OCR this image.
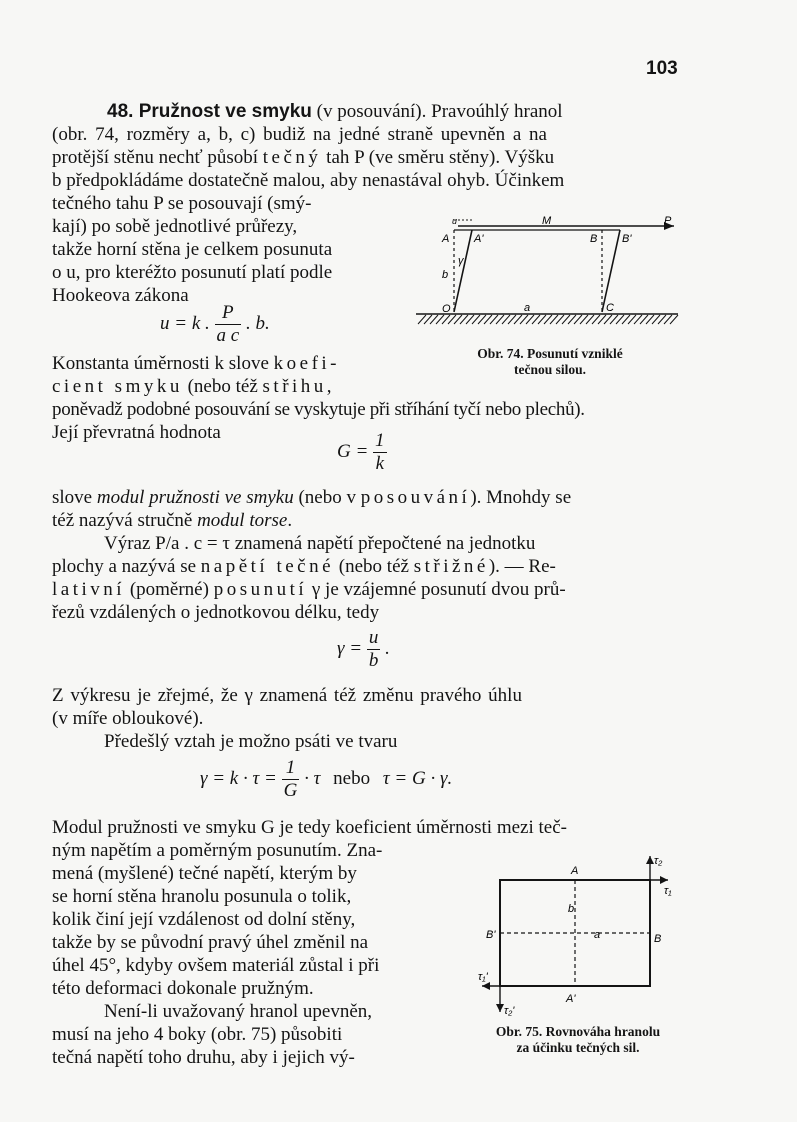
103
48. Pružnost ve smyku (v posouvání). Pravoúhlý hranol
(obr. 74, rozměry a, b, c) budiž na jedné straně upevněn a na
protější stěnu nechť působí tečný tah P (ve směru stěny). Výšku
b předpokládáme dostatečně malou, aby nenastával ohyb. Účinkem
tečného tahu P se posouvají (smý-
kají) po sobě jednotlivé průřezy,
takže horní stěna je celkem posunuta
o u, pro kteréžto posunutí platí podle
Hookeova zákona
u = k . $\frac{P}{\text{a c}}$ . b.
u	M	P
A A'	B B'
γ
b
O	a	C
Obr. 74. Posunutí vzniklé
tečnou silou.
Konstanta úměrnosti k slove koefi-
cient smyku (nebo též střihu,
poněvadž podobné posouvání se vyskytuje při stříhání tyčí nebo plechů).
Její převratná hodnota
$G = \frac{1}{k}$
slove modul pružnosti ve smyku (nebo v posouvání). Mnohdy se
též nazývá stručně modul torse.
Výraz P/a . c = τ znamená napětí přepočtené na jednotku
plochy a nazývá se napětí tečné (nebo též střižné). — Re-
lativní (poměrné) posunutí γ je vzájemné posunutí dvou prů-
řezů vzdálených o jednotkovou délku, tedy
$\gamma = \frac{u}{b}$ .
Z výkresu je zřejmé, že γ znamená též změnu pravého úhlu
(v míře obloukové).
Předešlý vztah je možno psáti ve tvaru
$\gamma = k \cdot \tau = \frac{1}{G} \cdot \tau$ nebo τ = G · γ.
Modul pružnosti ve smyku G je tedy koeficient úměrnosti mezi teč-
ným napětím a poměrným posunutím. Zna-
mená (myšlené) tečné napětí, kterým by
se horní stěna hranolu posunula o tolik,
kolik činí její vzdálenost od dolní stěny,
takže by se původní pravý úhel změnil na
úhel 45°, kdyby ovšem materiál zůstal i při
této deformaci dokonale pružným.
Není-li uvažovaný hranol upevněn,
musí na jeho 4 boky (obr. 75) působiti
tečná napětí toho druhu, aby i jejich vý-
τ₂
τ₁
τ₁'
τ₂'
A
A'
B'	B
b
a
Obr. 75. Rovnováha hranolu
za účinku tečných sil.
